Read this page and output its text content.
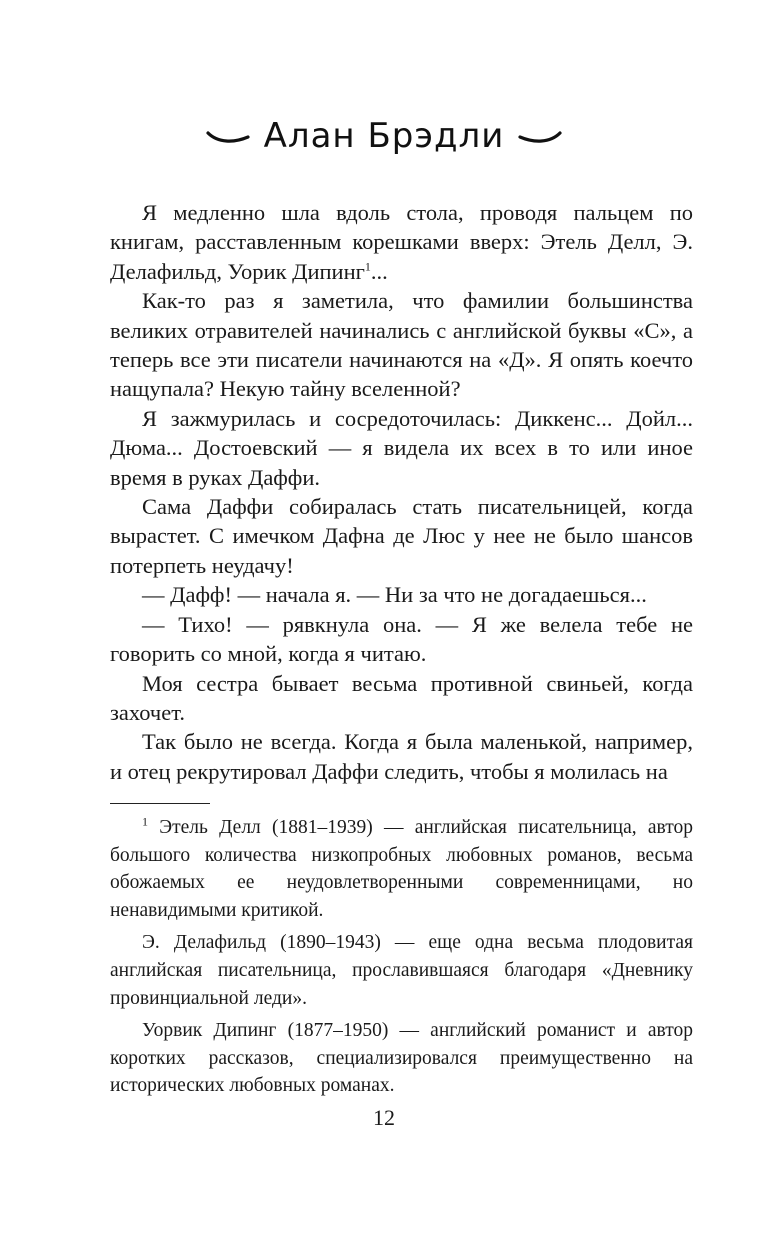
Алан Брэдли

Я медленно шла вдоль стола, проводя пальцем по книгам, расставленным корешками вверх: Этель Делл, Э. Делафильд, Уорик Дипинг$^1$...

Как-то раз я заметила, что фамилии большинства великих отравителей начинались с английской буквы «С», а теперь все эти писатели начинаются на «Д». Я опять коечто нащупала? Некую тайну вселенной?

Я зажмурилась и сосредоточилась: Диккенс... Дойл... Дюма... Достоевский — я видела их всех в то или иное время в руках Даффи.

Сама Даффи собиралась стать писательницей, когда вырастет. С имечком Дафна де Люс у нее не было шансов потерпеть неудачу!

— Дафф! — начала я. — Ни за что не догадаешься...

— Тихо! — рявкнула она. — Я же велела тебе не говорить со мной, когда я читаю.

Моя сестра бывает весьма противной свиньей, когда захочет.

Так было не всегда. Когда я была маленькой, например, и отец рекрутировал Даффи следить, чтобы я молилась на

$^1$ Этель Делл (1881–1939) — английская писательница, автор большого количества низкопробных любовных романов, весьма обожаемых ее неудовлетворенными современницами, но ненавидимыми критикой.

Э. Делафильд (1890–1943) — еще одна весьма плодовитая английская писательница, прославившаяся благодаря «Дневнику провинциальной леди».

Уорвик Дипинг (1877–1950) — английский романист и автор коротких рассказов, специализировался преимущественно на исторических любовных романах.

12
